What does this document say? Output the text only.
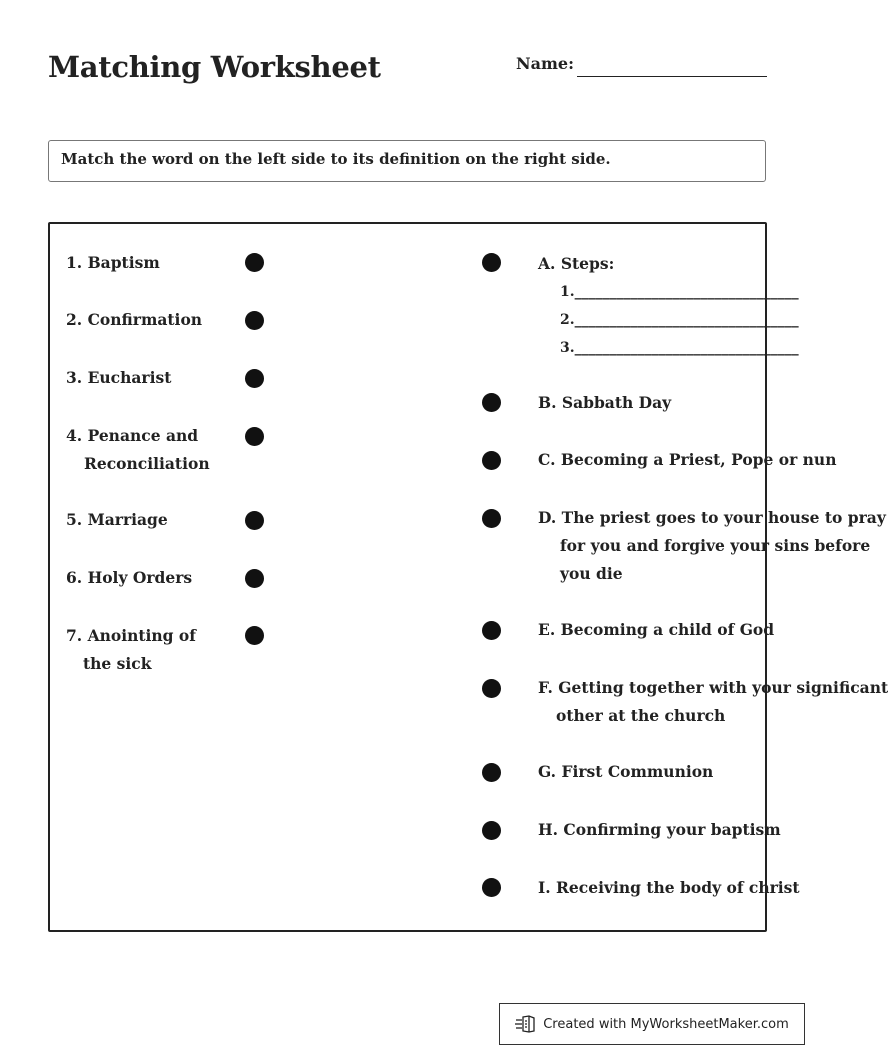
Matching Worksheet	Name:
Match the word on the left side to its definition on the right side.
1. Baptism
2. Confirmation
3. Eucharist
4. Penance and
Reconciliation
5. Marriage
6. Holy Orders
7. Anointing of
the sick
A. Steps:
1.________________________________
2.________________________________
3.________________________________
B. Sabbath Day
C. Becoming a Priest, Pope or nun
D. The priest goes to your house to pray
for you and forgive your sins before
you die
E. Becoming a child of God
F. Getting together with your significant
other at the church
G. First Communion
H. Confirming your baptism
I. Receiving the body of christ
Created with MyWorksheetMaker.com
